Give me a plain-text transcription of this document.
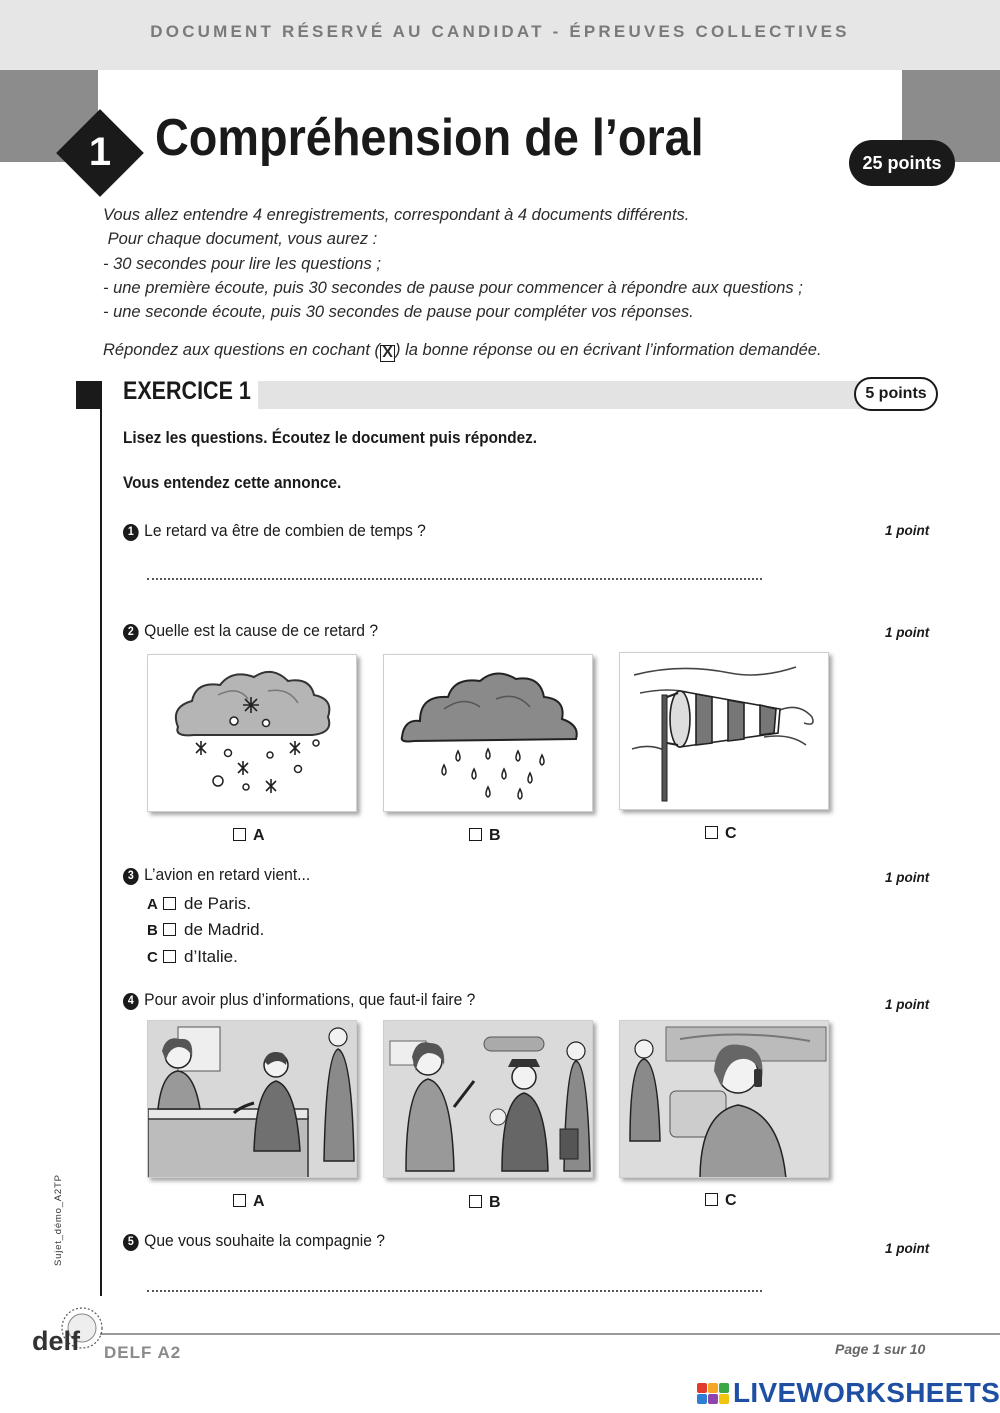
DOCUMENT RÉSERVÉ AU CANDIDAT - ÉPREUVES COLLECTIVES
1 Compréhension de l’oral	25 points
Vous allez entendre 4 enregistrements, correspondant à 4 documents différents.
Pour chaque document, vous aurez :
- 30 secondes pour lire les questions ;
- une première écoute, puis 30 secondes de pause pour commencer à répondre aux questions ;
- une seconde écoute, puis 30 secondes de pause pour compléter vos réponses.
Répondez aux questions en cochant ( X ) la bonne réponse ou en écrivant l’information demandée.
EXERCICE 1	5 points
Lisez les questions. Écoutez le document puis répondez.
Vous entendez cette annonce.
1 Le retard va être de combien de temps ?	1 point
2 Quelle est la cause de ce retard ?	1 point
A	B	C
3 L’avion en retard vient...	1 point
A de Paris.
B de Madrid.
C d’Italie.
4 Pour avoir plus d’informations, que faut-il faire ?	1 point
A	B	C
5 Que vous souhaite la compagnie ?	1 point
Sujet_démo_A2TP
delf DELF A2	Page 1 sur 10
LIVEWORKSHEETS
